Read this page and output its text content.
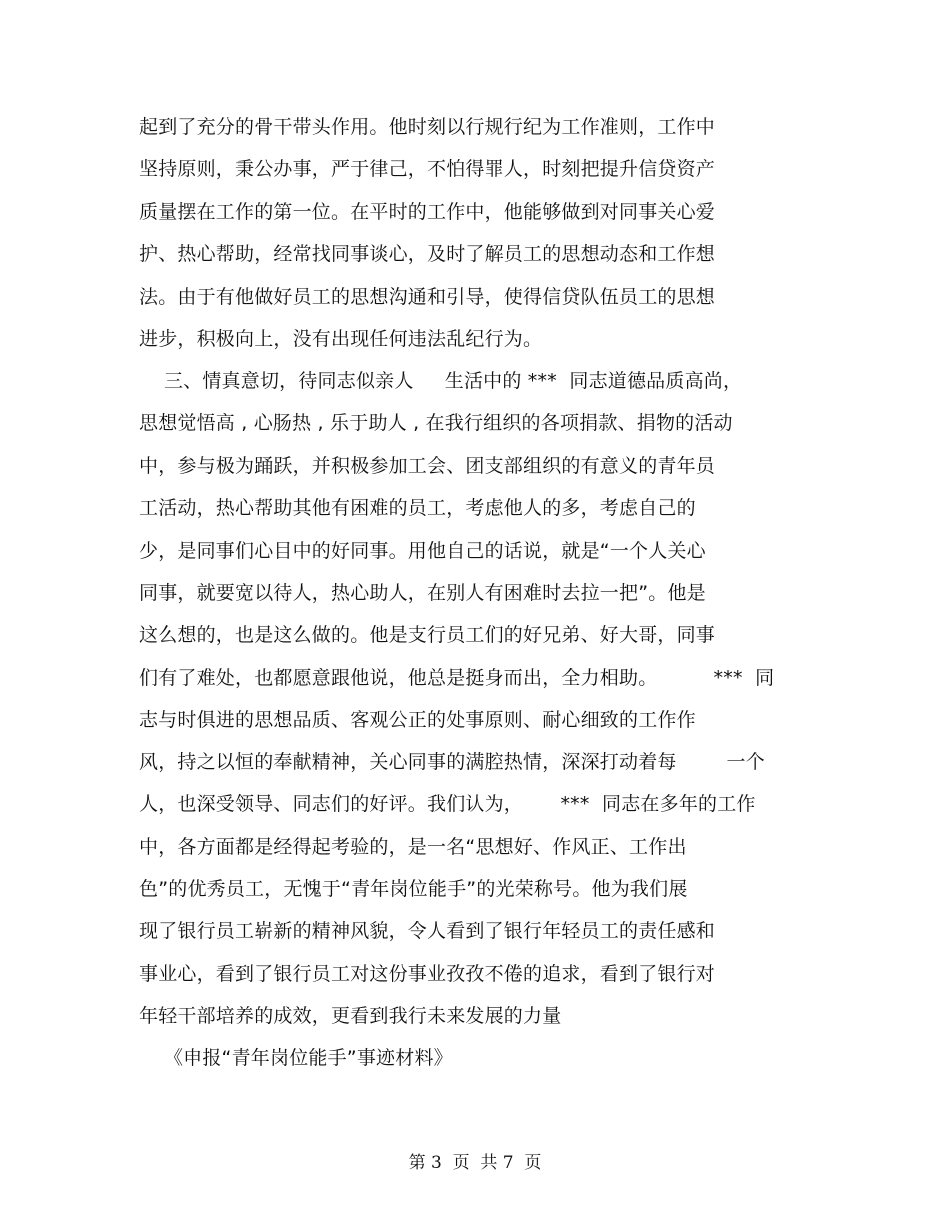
起到了充分的骨干带头作用。他时刻以行规行纪为工作准则，工作中
坚持原则，秉公办事，严于律己，不怕得罪人，时刻把提升信贷资产
质量摆在工作的第一位。在平时的工作中，他能够做到对同事关心爱
护、热心帮助，经常找同事谈心，及时了解员工的思想动态和工作想
法。由于有他做好员工的思想沟通和引导，使得信贷队伍员工的思想
进步，积极向上，没有出现任何违法乱纪行为。
三、情真意切，待同志似亲人     生活中的 ***  同志道德品质高尚，
思想觉悟高 , 心肠热 , 乐于助人 , 在我行组织的各项捐款、捐物的活动
中，参与极为踊跃，并积极参加工会、团支部组织的有意义的青年员
工活动，热心帮助其他有困难的员工，考虑他人的多，考虑自己的
少，是同事们心目中的好同事。用他自己的话说，就是“一个人关心
同事，就要宽以待人，热心助人，在别人有困难时去拉一把”。他是
这么想的，也是这么做的。他是支行员工们的好兄弟、好大哥，同事
们有了难处，也都愿意跟他说，他总是挺身而出，全力相助。         ***  同
志与时俱进的思想品质、客观公正的处事原则、耐心细致的工作作
风，持之以恒的奉献精神，关心同事的满腔热情，深深打动着每        一个
人，也深受领导、同志们的好评。我们认为，      ***  同志在多年的工作
中，各方面都是经得起考验的，是一名“思想好、作风正、工作出
色”的优秀员工，无愧于“青年岗位能手”的光荣称号。他为我们展
现了银行员工崭新的精神风貌，令人看到了银行年轻员工的责任感和
事业心，看到了银行员工对这份事业孜孜不倦的追求，看到了银行对
年轻干部培养的成效，更看到我行未来发展的力量
《申报“青年岗位能手”事迹材料》
第 3  页  共 7  页
